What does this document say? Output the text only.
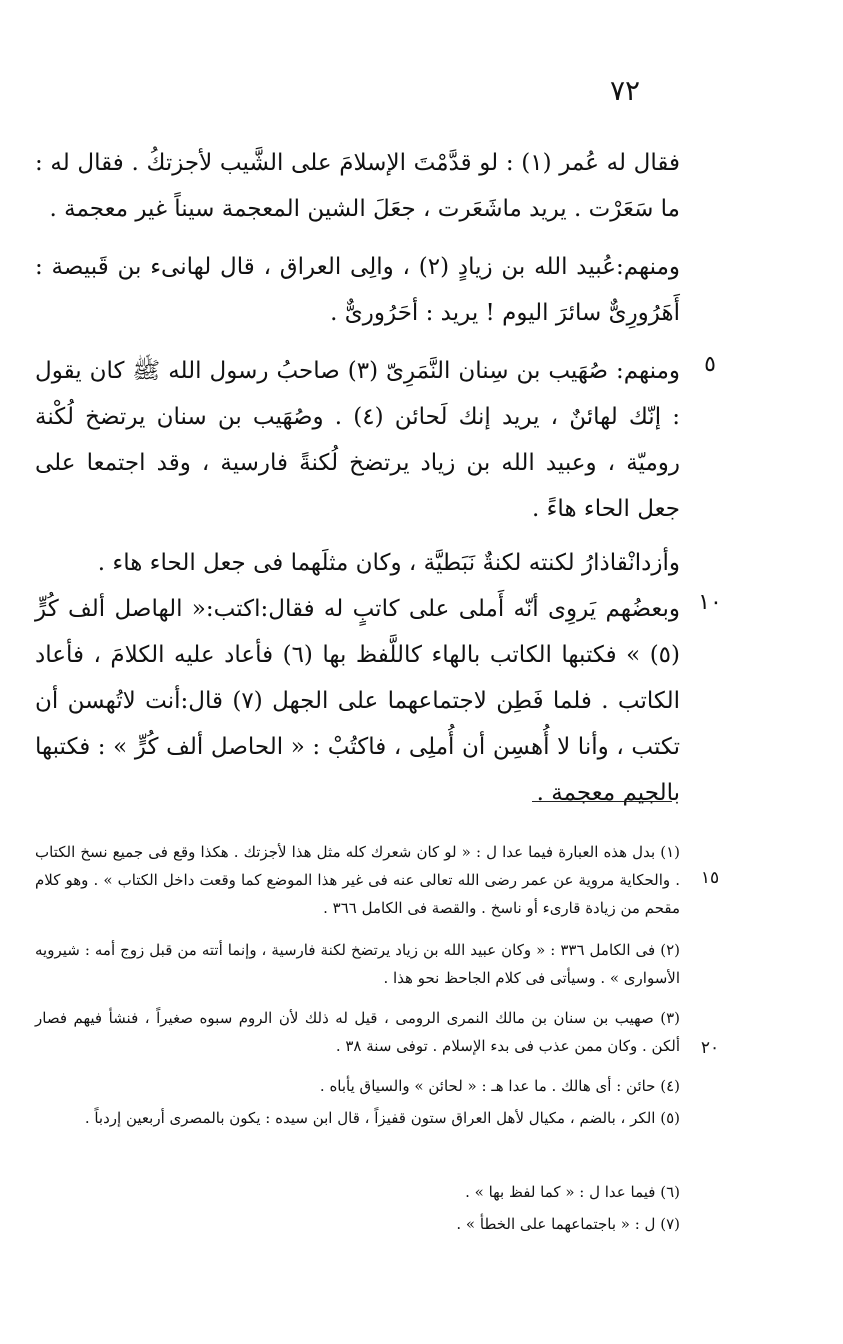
٧٢

فقال له عُمر (١) : لو قدَّمْتَ الإسلامَ على الشَّيب لأجزتكُ . فقال له : ما سَعَرْت . يريد ماشَعَرت ، جعَلَ الشين المعجمة سيناً غير معجمة .

ومنهم:عُبيد الله بن زيادٍ (٢) ، والِى العراق ، قال لهانىء بن قَبيصة : أَهَرُورِىٌّ سائرَ اليوم ! يريد : أحَرُورىٌّ .

ومنهم: صُهَيب بن سِنان النَّمَرِىّ (٣) صاحبُ رسول الله ﷺ كان يقول : إنّك لهائنٌ ، يريد إنك لَحائن (٤) . وصُهَيب بن سنان يرتضخ لُكْنة روميّة ، وعبيد الله بن زياد يرتضخ لُكنةً فارسية ، وقد اجتمعا على جعل الحاء هاءً .

وأزدانْقاذارُ لكنته لكنةٌ نَبَطيَّة ، وكان مثلَهما فى جعل الحاء هاء .

وبعضُهم يَروِى أنّه أَملى على كاتبٍ له فقال:اكتب:« الهاصل ألف كُرٍّ (٥) » فكتبها الكاتب بالهاء كاللَّفظ بها (٦) فأعاد عليه الكلامَ ، فأعاد الكاتب . فلما فَطِن لاجتماعهما على الجهل (٧) قال:أنت لاتُهسن أن تكتب ، وأنا لا أُهسِن أن أُملِى ، فاكتُبْ : « الحاصل ألف كُرٍّ » : فكتبها بالجيم معجمة .

٥
١٠

(١) بدل هذه العبارة فيما عدا ل : « لو كان شعرك كله مثل هذا لأجزتك . هكذا وقع فى جميع نسخ الكتاب . والحكاية مروية عن عمر رضى الله تعالى عنه فى غير هذا الموضع كما وقعت داخل الكتاب » . وهو كلام مقحم من زيادة قارىء أو ناسخ . والقصة فى الكامل ٣٦٦ .

(٢) فى الكامل ٣٣٦ : « وكان عبيد الله بن زياد يرتضخ لكنة فارسية ، وإنما أتته من قبل زوج أمه : شيرويه الأسوارى » . وسيأتى فى كلام الجاحظ نحو هذا .

(٣) صهيب بن سنان بن مالك النمرى الرومى ، قيل له ذلك لأن الروم سبوه صغيراً ، فنشأ فيهم فصار ألكن . وكان ممن عذب فى بدء الإسلام . توفى سنة ٣٨ .

(٤) حائن : أى هالك . ما عدا هـ : « لحائن » والسياق يأباه .

(٥) الكر ، بالضم ، مكيال لأهل العراق ستون قفيزاً ، قال ابن سيده : يكون بالمصرى أربعين إردباً .

(٦) فيما عدا ل : « كما لفظ بها » .

(٧) ل : « باجتماعهما على الخطأ » .

١٥
٢٠
